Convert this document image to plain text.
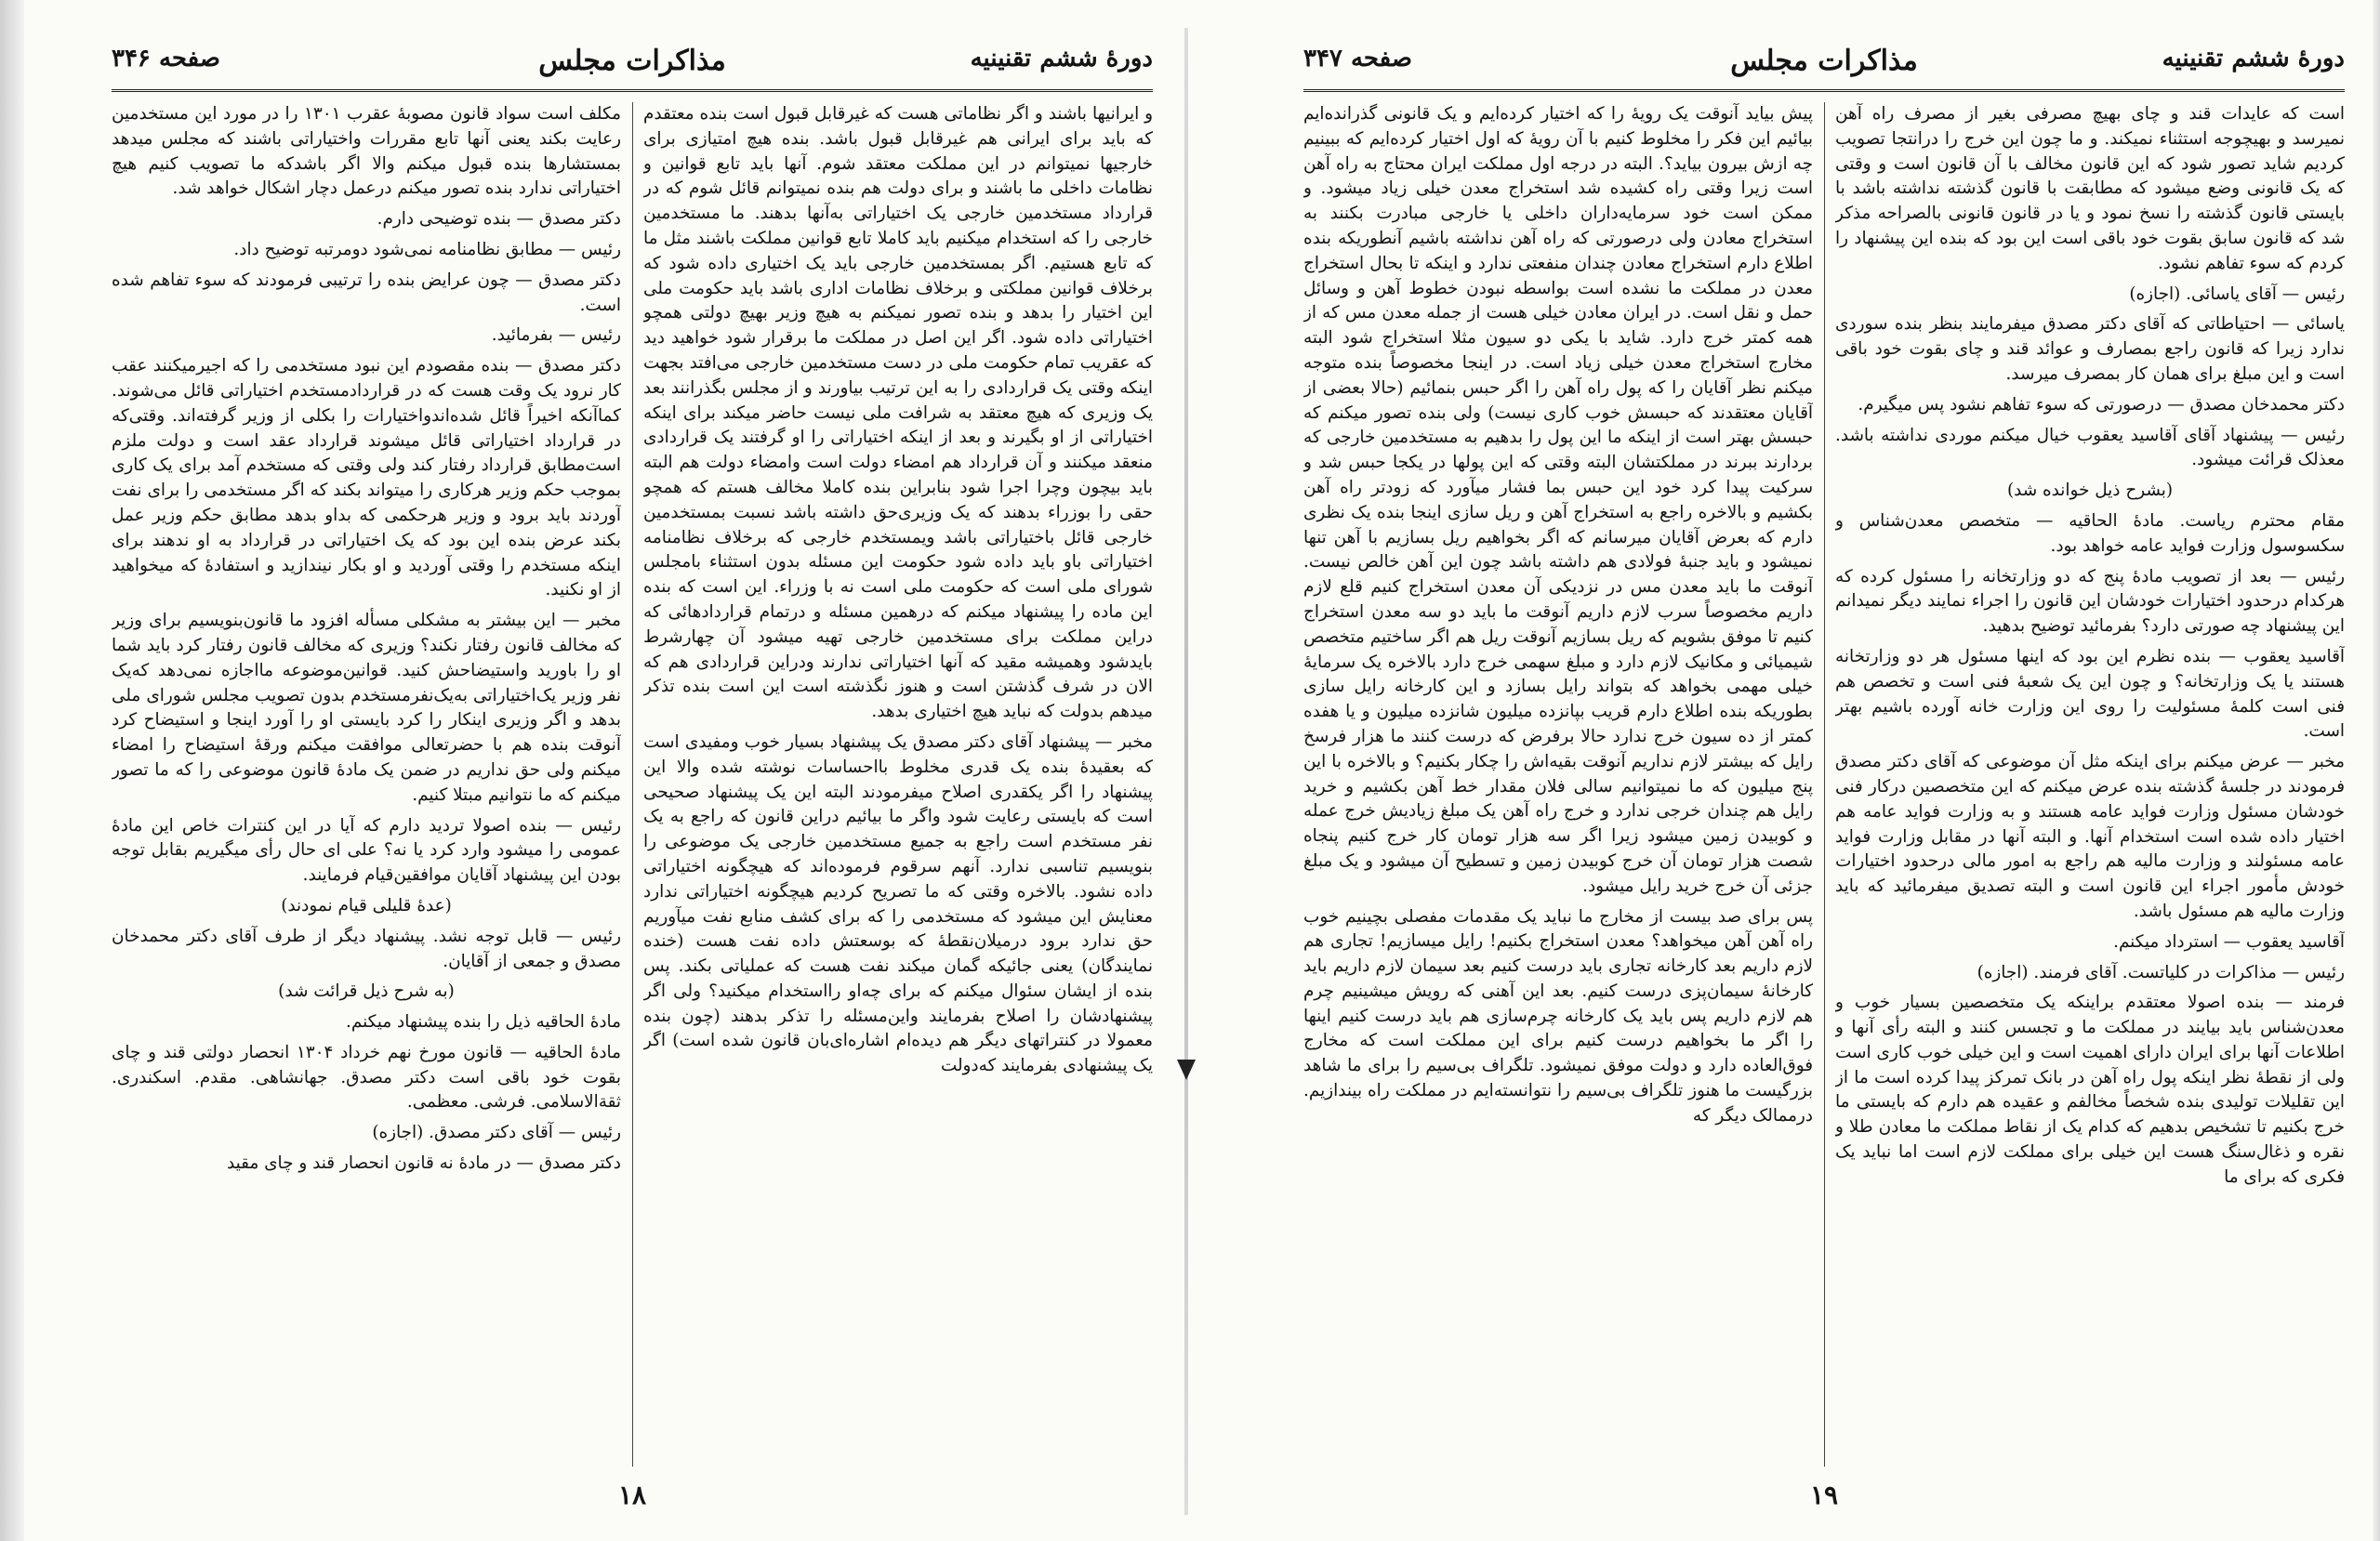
دورهٔ ششم تقنینیه
مذاکرات مجلس
صفحه ۳۴۶

و ایرانیها باشند و اگر نظاماتی هست که غیرقابل قبول است بنده معتقدم که باید برای ایرانی هم غیرقابل قبول باشد. بنده هیچ امتیازی برای خارجیها نمیتوانم در این مملکت معتقد شوم. آنها باید تابع قوانین و نظامات داخلی ما باشند و برای دولت هم بنده نمیتوانم قائل شوم که در قرارداد مستخدمین خارجی یک اختیاراتی به‌آنها بدهند. ما مستخدمین خارجی را که استخدام میکنیم باید کاملا تابع قوانین مملکت باشند مثل ما که تابع هستیم. اگر بمستخدمین خارجی باید یک اختیاری داده شود که برخلاف قوانین مملکتی و برخلاف نظامات اداری باشد باید حکومت ملی این اختیار را بدهد و بنده تصور نمیکنم به هیچ وزیر بهیچ دولتی همچو اختیاراتی داده شود. اگر این اصل در مملکت ما برقرار شود خواهید دید که عقریب تمام حکومت ملی در دست مستخدمین خارجی می‌افتد بجهت اینکه وقتی یک قراردادی را به این ترتیب بیاورند و از مجلس بگذرانند بعد یک وزیری که هیچ معتقد به شرافت ملی نیست حاضر میکند برای اینکه اختیاراتی از او بگیرند و بعد از اینکه اختیاراتی را او گرفتند یک قراردادی منعقد میکنند و آن قرارداد هم امضاء دولت است وامضاء دولت هم البته باید بیچون وچرا اجرا شود بنابراین بنده کاملا مخالف هستم که همچو حقی را بوزراء بدهند که یک وزیری‌حق داشته باشد نسبت بمستخدمین خارجی قائل باختیاراتی باشد ویمستخدم خارجی که برخلاف نظامنامه اختیاراتی باو باید داده شود حکومت این مسئله بدون استثناء بامجلس شورای ملی است که حکومت ملی است نه با وزراء. این است که بنده این ماده را پیشنهاد میکنم که درهمین مسئله و درتمام قراردادهائی که دراین مملکت برای مستخدمین خارجی تهیه میشود آن چهارشرط باید‌شود وهمیشه مقید که آنها اختیاراتی ندارند ودراین قراردادی هم که الان در شرف گذشتن است و هنوز نگذشته است این است بنده تذکر میدهم بدولت که نباید هیچ اختیاری بدهد.

مخبر — پیشنهاد آقای دکتر مصدق یک پیشنهاد بسیار خوب ومفیدی است که بعقیدهٔ بنده یک قدری مخلوط بااحساسات نوشته شده والا این پیشنهاد را اگر یکقدری اصلاح میفرمودند البته این یک پیشنهاد صحیحی است که بایستی رعایت شود واگر ما بیائیم دراین قانون که راجع به یک نفر مستخدم است راجع به جمیع مستخدمین خارجی یک موضوعی را بنویسیم تناسبی ندارد. آنهم سرقوم فرموده‌اند که هیچگونه اختیاراتی داده نشود. بالاخره وقتی که ما تصریح کردیم هیچگونه اختیاراتی ندارد معنایش این میشود که مستخدمی را که برای کشف منابع نفت میآوریم حق ندارد برود درمیلان‌نقطهٔ که بوسعتش داده نفت هست (خنده نمایندگان) یعنی جائیکه گمان میکند نفت هست که عملیاتی بکند. پس بنده از ایشان سئوال میکنم که برای چه‌او را‌استخدام میکنید؟ ولی اگر پیشنهادشان را اصلاح بفرمایند واین‌مسئله را تذکر بدهند (چون بنده معمولا در کنترا‌تهای دیگر هم دیده‌ام اشاره‌ای‌بان قانون شده است) اگر یک پیشنهادی بفرمایند که‌دولت

مکلف است سواد قانون مصوبهٔ عقرب ۱۳۰۱ را در مورد این مستخدمین رعایت بکند یعنی آنها تابع مقررات واختیاراتی باشند که مجلس میدهد بمستشارها بنده قبول میکنم والا اگر ‌باشد‌که ما تصویب کنیم هیچ اختیاراتی ندارد بنده تصور میکنم درعمل دچار اشکال خواهد شد.

دکتر مصدق — بنده توضیحی دارم.

رئیس — مطابق نظامنامه نمی‌شود دومرتبه توضیح داد.

دکتر مصدق — چون عرایض بنده را ترتیبی فرمودند که سوء تفاهم شده است.

رئیس — بفرمائید.

دکتر مصدق — بنده مقصودم این نبود مستخدمی را که اجیرمیکنند عقب کار نرود یک وقت هست که در قراردادمستخدم اختیاراتی قائل می‌شوند. کماآنکه اخیراً قائل شده‌اند‌واختیارات را بکلی از وزیر گرفته‌اند. وقتی‌که در قرارداد اختیاراتی قائل میشوند قرارداد عقد است و دولت ملزم است‌مطابق قرارداد رفتار کند ولی وقتی که مستخدم آمد برای یک کاری بموجب حکم وزیر هر‌کاری را میتواند بکند که اگر مستخدمی را برای نفت آوردند باید برود و وزیر هرحکمی که بداو بدهد مطابق حکم وزیر عمل بکند عرض بنده این بود که یک اختیاراتی در قرارداد به او ندهند برای اینکه مستخدم را وقتی آوردید و او بکار نیندازید و استفادهٔ که میخواهید از او نکنید.

مخبر — این بیشتر به مشکلی مسأله افزود ما قانون‌بنویسیم برای وزیر که مخالف قانون رفتار نکند؟ وزیری که مخالف قانون رفتار کرد باید شما او را باورید واستیضاحش کنید. قوانین‌موضوعه ما‌اجازه نمی‌دهد که‌یک نفر وزیر یک‌اختیاراتی به‌یک‌نفر‌مستخدم بدون تصویب مجلس شورای ملی بدهد و اگر وزیری اینکار را کرد بایستی او را آورد اینجا و استیضاح کرد آنوقت بنده هم با حضرتعالی موافقت میکنم ورقهٔ استیضاح را امضاء میکنم ولی حق نداریم در ضمن یک مادهٔ قانون موضوعی را که ما تصور میکنم که ما نتوانیم مبتلا کنیم.

رئیس — بنده اصولا تردید دارم که آیا در این کنترات خاص این مادهٔ عمومی را میشود وارد کرد یا نه؟ علی ای حال رأی میگیریم بقابل توجه بودن این پیشنهاد آقایان موافقین‌قیام فرمایند.

(عدهٔ قلیلی قیام نمودند)

رئیس — قابل توجه نشد. پیشنهاد دیگر از طرف آقای دکتر محمدخان مصدق و جمعی از آقایان.

(به شرح ذیل قرائت شد)

مادهٔ الحاقیه ذیل را بنده پیشنهاد میکنم.

مادهٔ الحاقیه — قانون مورخ نهم خرداد ۱۳۰۴ انحصار دولتی قند و چای بقوت خود باقی است دکتر مصدق. جهانشاهی. مقدم. اسکندری. ثقةالاسلامی. فرشی. معظمی.

رئیس — آقای دکتر مصدق. (اجازه)

دکتر مصدق — در مادهٔ نه قانون انحصار قند و چای مقید

۱۸
دورهٔ ششم تقنینیه
مذاکرات مجلس
صفحه ۳۴۷

است که عایدات قند و چای بهیچ مصرفی بغیر از مصرف راه آهن نمیرسد و بهیچوجه استثناء نمیکند. و ما چون این خرج را درانتجا تصویب کردیم شاید تصور شود که این قانون مخالف با آن قانون است و وقتی که یک قانونی وضع میشود که مطابقت با قانون گذشته نداشته باشد با بایستی قانون گذشته را نسخ نمود و یا در قانون قانونی بالصراحه مذکر شد که قانون سابق بقوت خود باقی است این بود که بنده این پیشنهاد را کردم که سوء تفاهم نشود.

رئیس — آقای یاسائی. (اجازه)

یاسائی — احتیاطاتی که آقای دکتر مصدق میفرمایند بنظر بنده سوردی ندارد زیرا که قانون راجع بمصارف و عوائد قند و چای بقوت خود باقی است و این مبلغ برای همان کار بمصرف میرسد.

دکتر محمدخان مصدق — درصورتی که سوء تفاهم نشود پس میگیرم.

رئیس — پیشنهاد آقای آقاسید یعقوب خیال میکنم موردی نداشته باشد. معذلک قرائت میشود.

(بشرح ذیل خوانده شد)

مقام محترم ریاست. مادهٔ الحاقیه — متخصص معدن‌شناس و سکسوسول وزارت فواید عامه خواهد بود.

رئیس — بعد از تصویب مادهٔ پنج که دو وزارتخانه را مسئول کرده که هرکدام درحدود اختیارات خودشان این قانون را اجراء نمایند دیگر نمیدانم این پیشنهاد چه صورتی دارد؟ بفرمائید توضیح بدهید.

آقاسید یعقوب — بنده نظرم این بود که اینها مسئول هر دو وزارتخانه هستند یا یک وزارتخانه؟ و چون این یک شعبهٔ فنی است و تخصص هم فنی است کلمهٔ مسئولیت را روی این وزارت خانه آورده باشیم بهتر است.

مخبر — عرض میکنم برای اینکه مثل آن موضوعی که آقای دکتر مصدق فرمودند در جلسهٔ گذشته بنده عرض میکنم که این متخصصین درکار فنی خودشان مسئول وزارت فواید عامه هستند و به وزارت فواید عامه هم اختیار داده شده است استخدام آنها. و البته آنها در مقابل وزارت فواید عامه مسئولند و وزارت مالیه هم راجع به امور مالی درحدود اختیارات خودش مأمور اجراء این قانون است و البته تصدیق میفرمائید که باید وزارت مالیه هم مسئول باشد.

آقاسید یعقوب — استرداد میکنم.

رئیس — مذاکرات در کلیاتست. آقای فرمند. (اجازه)

فرمند — بنده اصولا معتقدم براینکه یک متخصصین بسیار خوب و معدن‌شناس باید بیایند در مملکت ما و تجسس کنند و البته رأی آنها و اطلاعات آنها برای ایران دارای اهمیت است و این خیلی خوب کاری است ولی از نقطهٔ نظر اینکه پول راه آهن در بانک تمرکز پیدا کرده است ما از این تقلیلات تولیدی بنده شخصاً مخالفم و عقیده هم دارم که بایستی ما خرج بکنیم تا تشخیص بدهیم که کدام یک از نقاط مملکت ما معادن طلا و نقره و ذغال‌سنگ هست این خیلی برای مملکت لازم است اما نباید یک فکری که برای ما

پیش بیاید آنوقت یک رویهٔ را که اختیار کرده‌ایم و یک قانونی گذرانده‌ایم بیائیم این فکر را مخلوط کنیم با آن رویهٔ که اول اختیار کرده‌ایم که ببینیم چه ازش بیرون بیاید؟. البته در درجه اول مملکت ایران محتاج به راه آهن است زیرا وقتی راه کشیده شد استخراج معدن خیلی زیاد میشود. و ممکن است خود سرمایه‌داران داخلی یا خارجی مبادرت بکنند به استخراج معادن ولی درصورتی که راه آهن نداشته باشیم آنطوریکه بنده اطلاع دارم استخراج معادن چندان منفعتی ندارد و اینکه تا بحال استخراج معدن در مملکت ما نشده است بواسطه نبودن خطوط آهن و وسائل حمل و نقل است. در ایران معادن خیلی هست از جمله معدن مس که از همه کمتر خرج دارد. شاید با یکی دو سیون مثلا استخراج شود البته مخارج استخراج معدن خیلی زیاد است. در اینجا مخصوصاً بنده متوجه میکنم نظر آقایان را که پول راه آهن را اگر حبس بنمائیم (حالا بعضی از آقایان معتقدند که حبسش خوب کاری نیست) ولی بنده تصور میکنم که حبسش بهتر است از اینکه ما این پول را بدهیم به مستخدمین خارجی که بردارند ببرند در مملکتشان البته وقتی که این پولها در یکجا حبس شد و سرکیت پیدا کرد خود این حبس بما فشار میآورد که زودتر راه آهن بکشیم و بالاخره راجع به استخراج آهن و ریل سازی اینجا بنده یک نظری دارم که بعرض آقایان میرسانم که اگر بخواهیم ریل بسازیم با آهن تنها نمیشود و باید جنبهٔ فولادی هم داشته باشد چون این آهن خالص نیست. آنوقت ما باید معدن مس در نزدیکی آن معدن استخراج کنیم قلع لازم داریم مخصوصاً سرب لازم داریم آنوقت ما باید دو سه معدن استخراج کنیم تا موفق بشویم که ریل بسازیم آنوقت ریل هم اگر ساختیم متخصص شیمیائی و مکانیک لازم دارد و مبلغ سهمی خرج دارد بالاخره یک سرمایهٔ خیلی مهمی بخواهد که بتواند رایل بسازد و این کارخانه رایل سازی بطوریکه بنده اطلاع دارم قریب بپانزده میلیون شانزده میلیون و یا هفده کمتر از ده سیون خرج ندارد حالا برفرض که درست کنند ما هزار فرسخ رایل که بیشتر لازم نداریم آنوقت بقیه‌اش را چکار بکنیم؟ و بالاخره با این پنج میلیون که ما نمیتوانیم سالی فلان مقدار خط آهن بکشیم و خرید رایل هم چندان خرجی ندارد و خرج راه آهن یک مبلغ زیادیش خرج عمله و کوبیدن زمین میشود زیرا اگر سه هزار تومان کار خرج کنیم پنجاه شصت هزار تومان آن خرج کوبیدن زمین و تسطیح آن میشود و یک مبلغ جزئی آن خرج خرید رایل میشود.

پس برای صد بیست از مخارج ما نباید یک مقدمات مفصلی بچینیم خوب راه آهن آهن میخواهد؟ معدن استخراج بکنیم! رایل میسازیم! تجاری هم لازم داریم بعد کارخانه تجاری باید درست کنیم بعد سیمان لازم داریم باید کارخانهٔ سیمان‌پزی درست کنیم. بعد این آهنی که رویش میشینیم چرم هم لازم داریم پس باید یک کارخانه چرم‌سازی هم باید درست کنیم اینها را اگر ما بخواهیم درست کنیم برای این مملکت است که مخارج فوق‌العاده دارد و دولت موفق نمیشود. تلگراف بی‌سیم را برای ما شاهد بزرگیست ما هنوز تلگراف بی‌سیم را نتوانسته‌ایم در مملکت راه بیندازیم. درممالک دیگر که

۱۹
